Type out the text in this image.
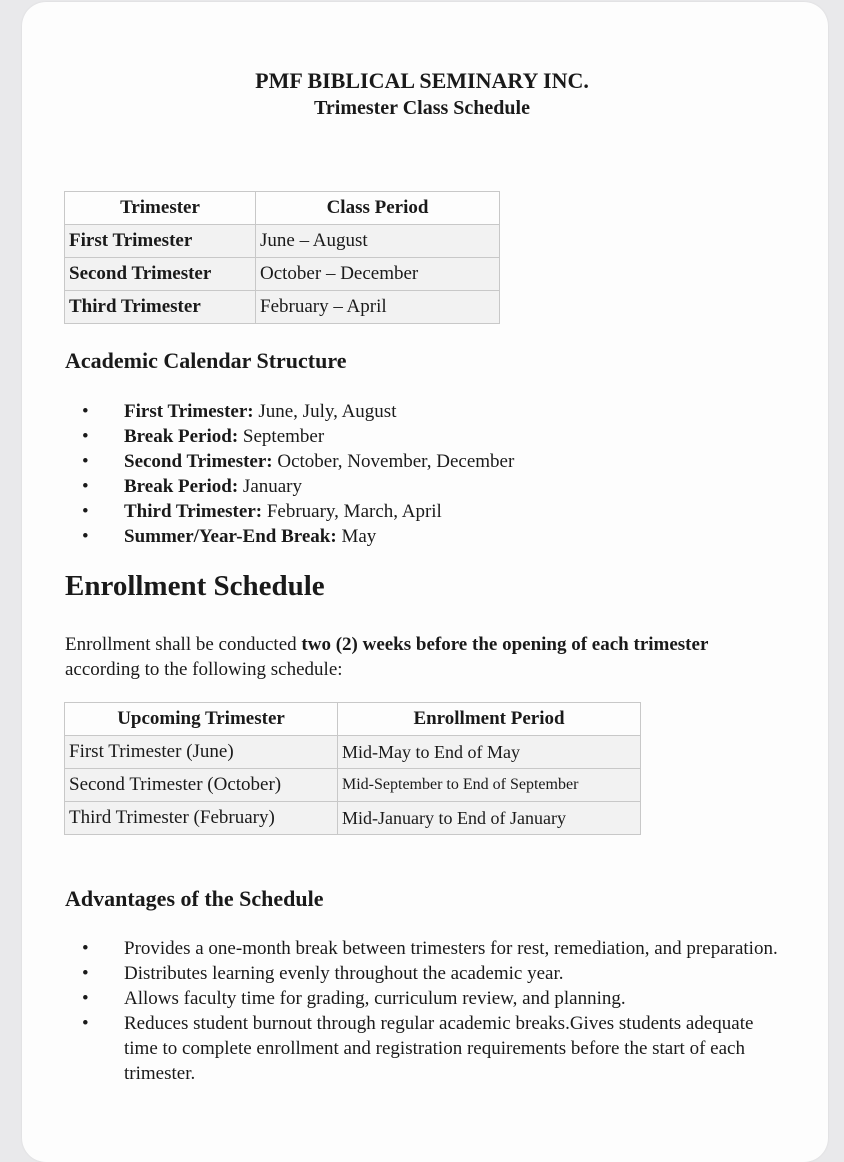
PMF BIBLICAL SEMINARY INC.
Trimester Class Schedule
Trimester	Class Period
First Trimester	June – August
Second Trimester	October – December
Third Trimester	February – April
Academic Calendar Structure
• First Trimester: June, July, August
• Break Period: September
• Second Trimester: October, November, December
• Break Period: January
• Third Trimester: February, March, April
• Summer/Year-End Break: May
Enrollment Schedule
Enrollment shall be conducted two (2) weeks before the opening of each trimester
according to the following schedule:
Upcoming Trimester	Enrollment Period
First Trimester (June)	Mid-May to End of May
Second Trimester (October)	Mid-September to End of September
Third Trimester (February)	Mid-January to End of January
Advantages of the Schedule
• Provides a one-month break between trimesters for rest, remediation, and preparation.
• Distributes learning evenly throughout the academic year.
• Allows faculty time for grading, curriculum review, and planning.
• Reduces student burnout through regular academic breaks.Gives students adequate time to complete enrollment and registration requirements before the start of each trimester.
